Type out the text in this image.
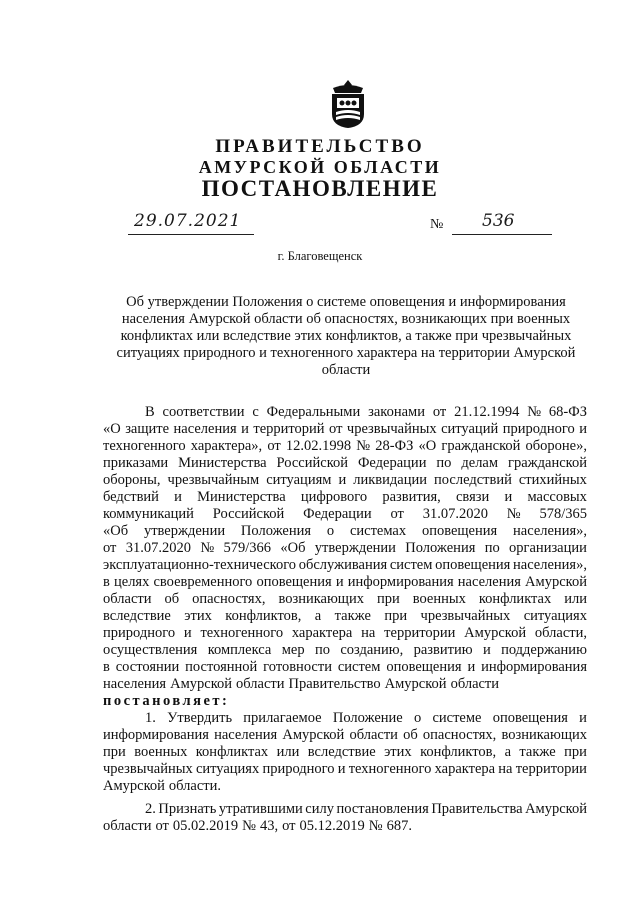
ПРАВИТЕЛЬСТВО
АМУРСКОЙ ОБЛАСТИ
ПОСТАНОВЛЕНИЕ
29.07.2021	№ 536
г. Благовещенск
Об утверждении Положения о системе оповещения и информирования
населения Амурской области об опасностях, возникающих при военных
конфликтах или вследствие этих конфликтов, а также при чрезвычайных
ситуациях природного и техногенного характера на территории Амурской
области
В соответствии с Федеральными законами от 21.12.1994 № 68-ФЗ
«О защите населения и территорий от чрезвычайных ситуаций природного и
техногенного характера», от 12.02.1998 № 28-ФЗ «О гражданской обороне»,
приказами Министерства Российской Федерации по делам гражданской
обороны, чрезвычайным ситуациям и ликвидации последствий стихийных
бедствий и Министерства цифрового развития, связи и массовых
коммуникаций Российской Федерации от 31.07.2020 № 578/365
«Об утверждении Положения о системах оповещения населения»,
от 31.07.2020 № 579/366 «Об утверждении Положения по организации
эксплуатационно-технического обслуживания систем оповещения населения»,
в целях своевременного оповещения и информирования населения Амурской
области об опасностях, возникающих при военных конфликтах или
вследствие этих конфликтов, а также при чрезвычайных ситуациях
природного и техногенного характера на территории Амурской области,
осуществления комплекса мер по созданию, развитию и поддержанию
в состоянии постоянной готовности систем оповещения и информирования
населения Амурской области Правительство Амурской области
постановляет:
1. Утвердить прилагаемое Положение о системе оповещения и
информирования населения Амурской области об опасностях, возникающих
при военных конфликтах или вследствие этих конфликтов, а также при
чрезвычайных ситуациях природного и техногенного характера на территории
Амурской области.
2. Признать утратившими силу постановления Правительства Амурской
области от 05.02.2019 № 43, от 05.12.2019 № 687.
